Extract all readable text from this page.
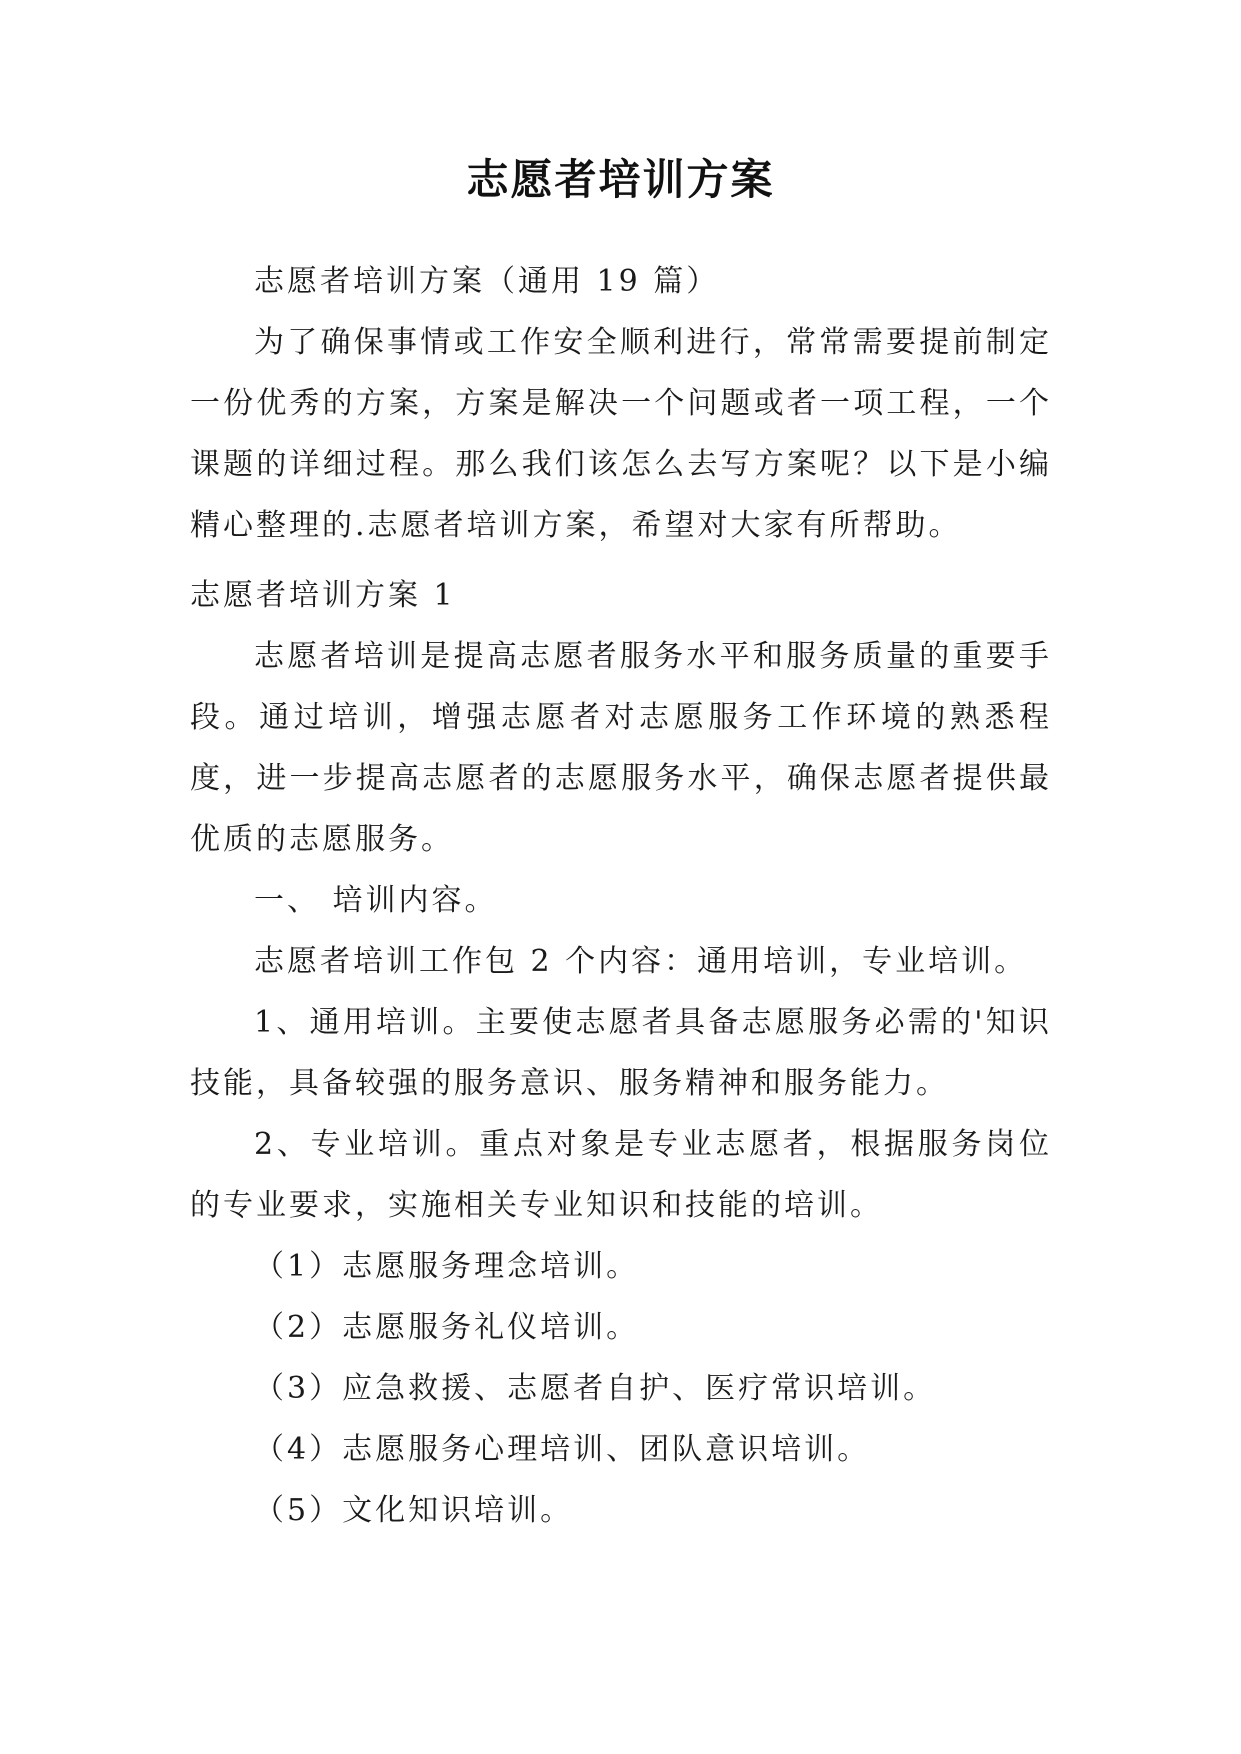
志愿者培训方案

志愿者培训方案（通用 19 篇）

为了确保事情或工作安全顺利进行，常常需要提前制定一份优秀的方案，方案是解决一个问题或者一项工程，一个课题的详细过程。那么我们该怎么去写方案呢？以下是小编精心整理的.志愿者培训方案，希望对大家有所帮助。

志愿者培训方案 1

志愿者培训是提高志愿者服务水平和服务质量的重要手段。通过培训，增强志愿者对志愿服务工作环境的熟悉程度，进一步提高志愿者的志愿服务水平，确保志愿者提供最优质的志愿服务。

一、 培训内容。

志愿者培训工作包 2 个内容：通用培训，专业培训。

1、通用培训。主要使志愿者具备志愿服务必需的'知识技能，具备较强的服务意识、服务精神和服务能力。

2、专业培训。重点对象是专业志愿者，根据服务岗位的专业要求，实施相关专业知识和技能的培训。

（1）志愿服务理念培训。

（2）志愿服务礼仪培训。

（3）应急救援、志愿者自护、医疗常识培训。

（4）志愿服务心理培训、团队意识培训。

（5）文化知识培训。
